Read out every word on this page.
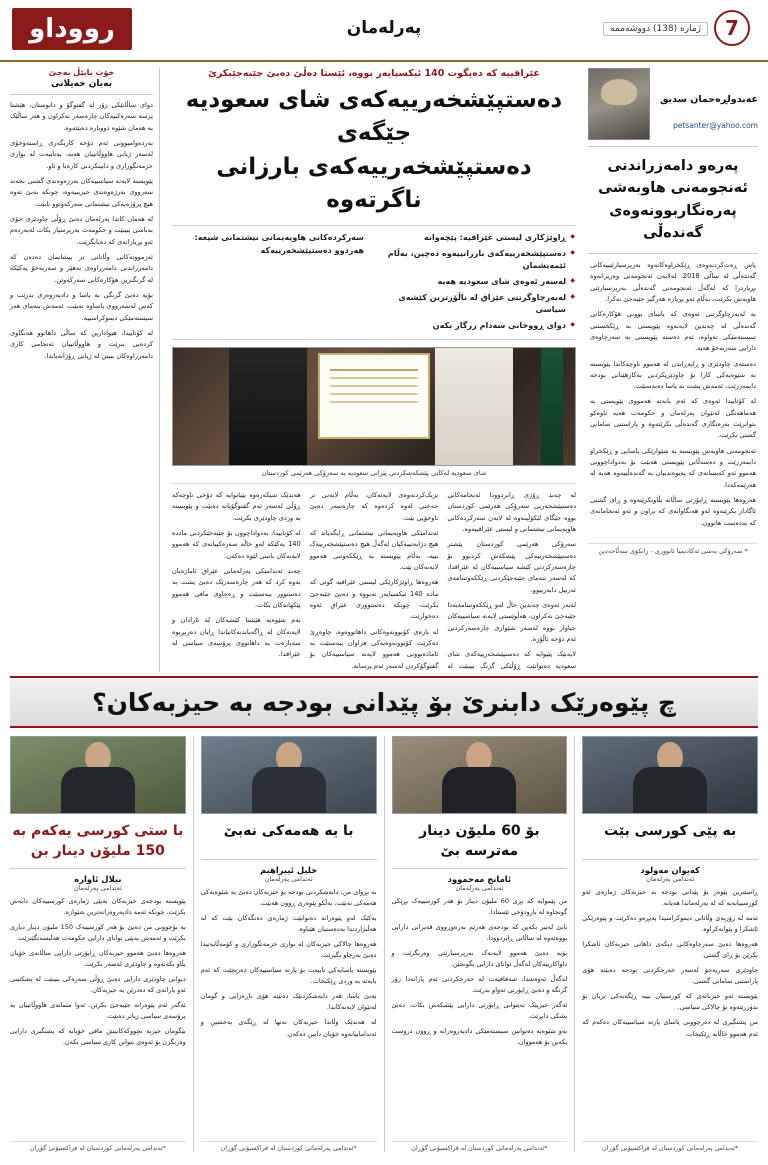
رووداو	پەرلەمان	ژمارە (138) دووشەممە	7
عەبدولڕەحمان سدیق
petsanter@yahoo.com
پەرەو دامەزراندنی ئەنجومەنی هاوبەشی پەرەنگاربوونەوەی گەندەڵی

پاش ڕەت‌کردنەوەی ڕێکخراوەکانەوە بەرپرسیارێتییەکانی گەندەڵی لە سالّی 2018، لەلایەن ئەنجومەنی وەزیرانەوە بڕیاردرا کە لەگەڵ ئەنجومەنی گەندەڵی بەرپرسیارێتی هاوبەش بکرێت، بەڵام ئەو بڕیارە هەرگیز جێبەجێ نەکرا.

بە لەبەرچاوگرتنی ئەوەی کە یاسای بوونی هۆکارەکانی گەندەڵی لە چەندین لایەنەوە پێویستی بە ڕێکخستنی سیستەمێکی تەواوە، ئەم دەستە پێویستی بە سەرچاوەی دارایی سەربەخۆ هەیە.

دەستەی چاودێری و ڕاپەڕاندن لە هەموو ناوچەکاندا پێویستە بە شێوەیەکی کارا بۆ چاودێریکردنی بەکارهێنانی بودجە دابمەزرێت، ئەمەش پشت بە یاسا دەبەستێت.

لە کۆتاییدا ئەوەی کە ئەم بابەتە هەمووی پێویستی بە هەماهەنگی لەنێوان پەرلەمان و حکومەت هەیە تاوەکو بتوانرێت بەرەنگاری گەندەڵی بکرێتەوە و پاراستنی سامانی گشتی بکرێت.

ئەنجومەنی هاوبەش پێویستە بە شێوازێکی یاسایی و ڕێکخراو دابمەزرێت و دەسەڵاتی پێویستی هەبێت بۆ بەدواداچوونی هەموو ئەو کەیسانەی کە پەیوەندییان بە گەندەڵییەوە هەیە لە هەرێمەکەدا.

هەروەها پێویستە ڕاپۆرتی ساڵانە بڵاوبکرێتەوە و ڕای گشتی ئاگادار بکرێتەوە لەو هەنگاوانەی کە نراون و ئەو ئەنجامانەی کە بەدەست هاتوون.

* سەرۆکی بەشی ئەکادیمیا ئابووری - زانکۆی سەڵاحەدین
عێراقییە کە دەیگوت 140 ئیکسپایەر بووە، ئێستا دەڵێ دەبێ جێبەجێبکرێ
دەستپێشخەرییەکەی شای سعودیە جێگەی
دەستپێشخەرییەکەی بارزانی ناگرتەوە
◆ ڕاوێژکاری لیستی عێراقیە: پێچەوانە
◆ دەستپێشخەرییەکەی بارزانییەوە دەچین، بەڵام ئێمەیشمان
◆ لەسەر ئەوەی شای سعودیە هەیە
◆ لەبەرچاوگرتنی عێراق لە ناڵۆزترین کێشەی سیاسی
◆ دوای ڕووخانی سەدام زرگار بکەن
سەرکردەکانی هاوپەیمانی نیشتمانی شیعە: هەردوو دەستپێشخەرییەکە
شای سعودیە لەکاتی پێشکەشکردنی پێزانی سعودیە بە سەرۆکی هەرێمی کوردستان

لە چەند ڕۆژی ڕابردوودا ئەنجامەکانی دەستپێشخەریی سەرۆکی هەرێمی کوردستان بووە جێگای لێکۆڵینەوە لە لایەن سەرکردەکانی هاوپەیمانی نیشتمانی و لیستی عێراقییەوە.

سەرۆکی هەرێمی کوردستان پێشتر دەستپێشخەرییەکی پێشکەش کردبوو بۆ چارەسەرکردنی کێشە سیاسییەکان لە عێراقدا، کە لەسەر بنەمای جێبەجێکردنی ڕێککەوتننامەی ئەربیل دابەزیبوو.

لەبەر ئەوەی چەندین خاڵ لەو ڕێککەوتننامەیەدا جێبەجێ نەکراون، هەڵوێستی لایەنە سیاسییەکان جیاواز بووە لەسەر شێوازی چارەسەرکردنی ئەم دۆخە ئاڵۆزە.

لایەنێک پێیوایە کە دەستپێشخەرییەکەی شای سعودیە دەتوانێت ڕۆڵێکی گرنگ ببینێت لە نزیک‌کردنەوەی لایەنەکان، بەڵام لایەنی تر جەختی لەوە کردەوە کە چارەسەر دەبێ ناوخۆیی بێت.

ئەندامێکی هاوپەیمانی نیشتمانی ڕایگەیاند کە هیچ دژایەتییەکیان لەگەڵ هیچ دەستپێشخەرییەک نییە، بەڵام پێویستە بە ڕێککەوتنی هەموو لایەنەکان بێت.

هەروەها ڕاوێژکارێکی لیستی عێراقیە گوتی کە مادە 140 ئیکسپایەر نەبووە و دەبێ جێبەجێ بکرێت، چونکە دەستووری عێراق ئەوە دەخوازێت.

لە بارەی کۆبوونەوەکانی داهاتووەوە، چاوەڕێ دەکرێت کۆبوونەوەیەکی فراوان ببەستێت بە ئامادەبوونی هەموو لایەنە سیاسییەکان بۆ گفتوگۆکردن لەسەر ئەم پرسانە.

هەندێک شیکەرەوە پێیانوایە کە دۆخی ناوچەکە ڕۆڵی لەسەر ئەم گفتوگۆیانە دەبێت و پێویستە بە وردی چاودێری بکرێت.

لە کۆتاییدا، بەدواداچوون بۆ جێبەجێکردنی ماددە 140 یەکێکە لەو خاڵە سەرەکییانەی کە هەموو لایەنەکان باسی لێوە دەکەن.

چەند ئەندامێکی پەرلەمانی عێراق ئاماژەیان بەوە کرد کە هەر چارەسەرێک دەبێ پشت بە دەستوور ببەستێت و ڕەچاوی مافی هەموو پێکهاتەکان بکات.

بەم شێوەیە هێشتا کێشەکان لە ئارادان و لایەنەکان لە ڕاگەیاندنەکانیاندا ڕایان دەربڕیوە سەبارەت بە داهاتووی پرۆسەی سیاسی لە عێراقدا.

خۆت بابێڵ بەجێ
بەیان خەیلانی

دوای ساڵانێکی زۆر لە گفتوگۆ و دانوستان، هێشتا پرسە سەرەکییەکان چارەسەر نەکراون و هەر ساڵێک بە هەمان شێوە دووبارە دەبێتەوە.

بەردەوامبوونی ئەم دۆخە کاریگەری ڕاستەوخۆی لەسەر ژیانی هاووڵاتییان هەیە، بەتایبەت لە بواری خزمەتگوزاری و دابینکردنی کارەبا و ئاو.

پێویستە لایەنە سیاسییەکان بەرژەوەندی گشتی بخەنە سەرووی بەرژەوەندی حیزبییەوە، چونکە بەبێ ئەوە هیچ پرۆژەیەکی نیشتمانی سەرکەوتوو نابێت.

لە هەمان کاتدا پەرلەمان دەبێ ڕۆڵی چاودێری خۆی بەباشی ببینێت و حکومەت بەرپرسیار بکات لەبەردەم ئەو بڕیارانەی کە دەیانگرێت.

ئەزموونەکانی وڵاتانی تر پیشانمان دەدەن کە دامەزراندنی دامەزراوەی بەهێز و سەربەخۆ یەکێکە لە گرنگترین هۆکارەکانی سەرکەوتن.

بۆیە دەبێ گرنگی بە یاسا و دادپەروەری بدرێت و کەس لەسەرووی یاساوە نەبێت، ئەمەش بنەمای هەر سیستەمێکی دیموکراسییە.

لە کۆتاییدا، هیوادارین کە ساڵی داهاتوو هەنگاوی کردەیی بنرێت و هاووڵاتییان ئەنجامی کاری دامەزراوەکان ببینن لە ژیانی ڕۆژانەیاندا.

چ پێوەرێک دابنرێ بۆ پێدانی بودجە بە حیزبەکان؟
بە پێی کورسی بێت
کەیوان مەولود
ئەندامی پەرلەمان

ڕاستترین پێوەر بۆ پێدانی بودجە بە حیزبەکان ژمارەی ئەو کورسییانەیە کە لە پەرلەماندا هەیانە.

ئەمە لە زۆربەی وڵاتانی دیموکراسیدا پەیڕەو دەکرێت و پێوەرێکی ئاشکرا و پێوانەکراوە.

هەروەها دەبێ سەرچاوەکانی دیکەی داهاتی حیزبەکان ئاشکرا بکرێن بۆ ڕای گشتی.

چاودێری سەربەخۆ لەسەر خەرجکردنی بودجە دەبێتە هۆی پاراستنی سامانی گشتی.

پێویستە ئەو حیزبانەی کە کورسییان نییە ڕێگەیەکی تریان بۆ بدۆزرێتەوە بۆ چالاکی سیاسی.

من پشتگیری لە دەرچوونی یاسای پارتە سیاسییەکان دەکەم کە ئەم هەموو خاڵانە ڕێکبخات.

*ئەندامی پەرلەمانی کوردستان لە فراکسیۆنی گۆڕان
بۆ 60 ملیۆن دینار مەترسە بێ
ئامانج مەحموود
ئەندامی پەرلەمان

من پێموایە کە بڕی 60 ملیۆن دینار بۆ هەر کورسییەک بڕێکی گونجاوە لە بارودۆخی ئێستادا.

نابێ لەبیر بکەین کە بودجەی هەرێم بەرەوڕووی قەیرانی دارایی بووەتەوە لە ساڵانی ڕابردوودا.

بۆیە دەبێ هەموو لایەنەک بەرپرسیارێتی وەربگرێت و داواکارییەکان لەگەڵ توانای دارایی بگونجێن.

لەگەڵ ئەوەشدا، شەفافیەت لە خەرجکردنی ئەم پارانەدا زۆر گرنگە و دەبێ ڕاپۆرتی تەواو بدرێت.

ئەگەر حیزبێک نەیتوانی ڕاپۆرتی دارایی پێشکەش بکات، دەبێ پشکی دابڕێت.

بەو شێوەیە دەتوانین سیستەمێکی دادپەروەرانە و ڕوون دروست بکەین بۆ هەمووان.

*ئەندامی پەرلەمانی کوردستان لە فراکسیۆنی گۆڕان
با یە هەمەکی نەبێ
خلیل ئیبراهیم
ئەندامی پەرلەمان

بە بڕوای من، دابەشکردنی بودجە بۆ حیزبەکان دەبێ بە شێوەیەکی هەمەکی نەبێت، بەڵکو پێوەری ڕوون هەبێت.

یەکێک لەو پێوەرانە دەتوانێت ژمارەی دەنگەکان بێت کە لە هەڵبژاردندا بەدەستیان هێناوە.

هەروەها چالاکی حیزبەکان لە بواری خزمەتگوزاری و کۆمەڵایەتیدا دەبێ بەرچاو بگیرێت.

پێویستە یاسایەکی تایبەت بۆ پارتە سیاسییەکان دەربچێت کە ئەم بابەتە بە وردی ڕێکبخات.

بەبێ یاسا، هەر دابەشکردنێک دەبێتە هۆی ناڕەزایی و گومان لەنێوان لایەنەکاندا.

لە هەندێک وڵاتدا حیزبەکان تەنها لە ڕێگەی بەخشین و ئەندامانیانەوە خۆیان دابین دەکەن.

*ئەندامی پەرلەمانی کوردستان لە فراکسیۆنی گۆڕان
با ستی کورسی یەکەم بە 150 ملیۆن دینار بن
بیلال ئاوارە
ئەندامی پەرلەمان

پێویستە بودجەی حیزبەکان بەپێی ژمارەی کورسییەکان دابەش بکرێت، چونکە ئەمە دادپەروەرانەترین شێوازە.

بە بۆچوونی من دەبێ بۆ هەر کورسییەک 150 ملیۆن دینار دیاری بکرێت و ئەمەش بەپێی توانای دارایی حکومەت هەڵبسەنگێنرێت.

هەروەها دەبێ هەموو حیزبەکان ڕاپۆرتی دارایی ساڵانەی خۆیان بڵاو بکەنەوە و چاودێری لەسەر بکرێت.

دیوانی چاودێری دارایی دەبێ ڕۆڵی سەرەکی ببینێت لە پشکنینی ئەو پارانەی کە دەدرێن بە حیزبەکان.

ئەگەر ئەم پێوەرانە جێبەجێ بکرێن، ئەوا متمانەی هاووڵاتییان بە پرۆسەی سیاسی زیاتر دەبێت.

بێگومان حیزبە بچووکەکانیش مافی خۆیانە کە پشتگیری دارایی وەربگرن بۆ ئەوەی بتوانن کاری سیاسی بکەن.

*ئەندامی پەرلەمانی کوردستان لە فراکسیۆنی گۆڕان
